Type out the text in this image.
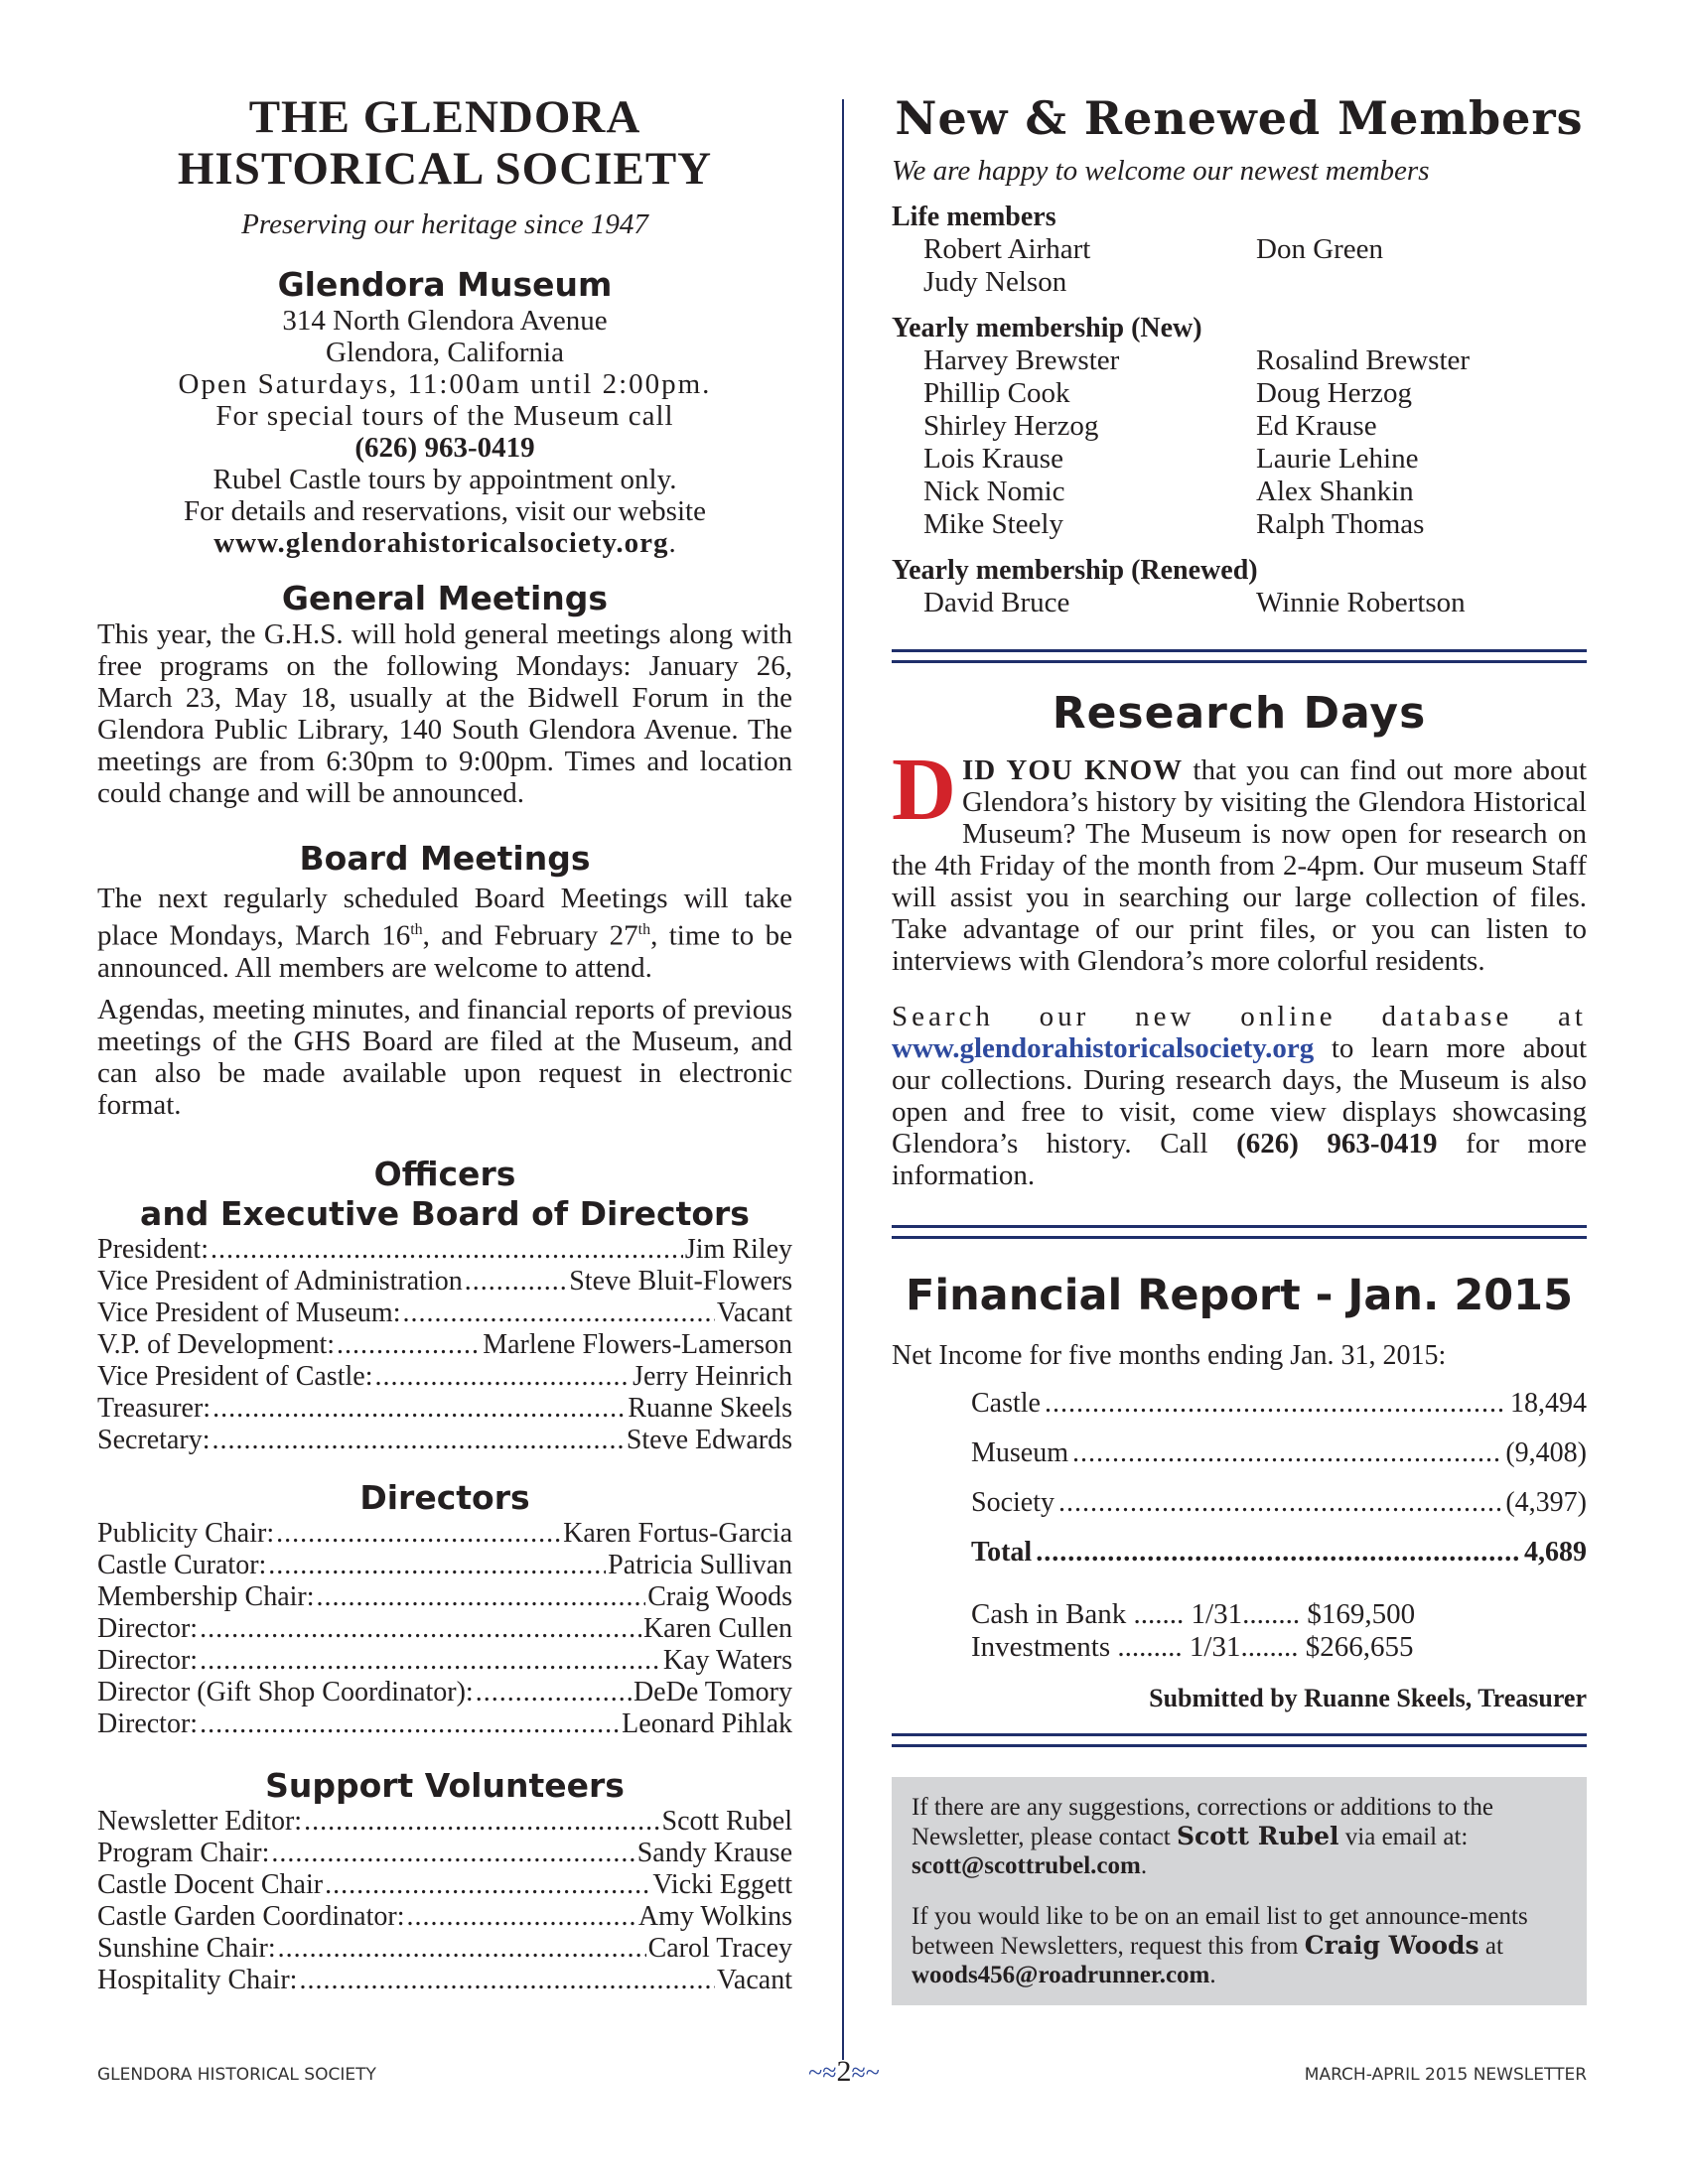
THE GLENDORA
HISTORICAL SOCIETY
Preserving our heritage since 1947
Glendora Museum
314 North Glendora Avenue
Glendora, California
Open Saturdays, 11:00am until 2:00pm.
For special tours of the Museum call
(626) 963-0419
Rubel Castle tours by appointment only.
For details and reservations, visit our website
www.glendorahistoricalsociety.org.
General Meetings
This year, the G.H.S. will hold general meetings along with free programs on the following Mondays: January 26, March 23, May 18, usually at the Bidwell Forum in the Glendora Public Library, 140 South Glendora Avenue. The meetings are from 6:30pm to 9:00pm. Times and location could change and will be announced.
Board Meetings
The next regularly scheduled Board Meetings will take place Mondays, March 16th, and February 27th, time to be announced. All members are welcome to attend.
Agendas, meeting minutes, and financial reports of previous meetings of the GHS Board are filed at the Museum, and can also be made available upon request in electronic format.
Officers
and Executive Board of Directors
President: .....	Jim Riley
Vice President of Administration .....	Steve Bluit-Flowers
Vice President of Museum: .....	Vacant
V.P. of Development: .....	Marlene Flowers-Lamerson
Vice President of Castle: .....	Jerry Heinrich
Treasurer: .....	Ruanne Skeels
Secretary: .....	Steve Edwards
Directors
Publicity Chair: .....	Karen Fortus-Garcia
Castle Curator: .....	Patricia Sullivan
Membership Chair: .....	Craig Woods
Director: .....	Karen Cullen
Director: .....	Kay Waters
Director (Gift Shop Coordinator): .....	DeDe Tomory
Director: .....	Leonard Pihlak
Support Volunteers
Newsletter Editor: .....	Scott Rubel
Program Chair: .....	Sandy Krause
Castle Docent Chair .....	Vicki Eggett
Castle Garden Coordinator: .....	Amy Wolkins
Sunshine Chair: .....	Carol Tracey
Hospitality Chair: .....	Vacant
New & Renewed Members
We are happy to welcome our newest members
Life members
Robert Airhart	Don Green
Judy Nelson
Yearly membership (New)
Harvey Brewster	Rosalind Brewster
Phillip Cook	Doug Herzog
Shirley Herzog	Ed Krause
Lois Krause	Laurie Lehine
Nick Nomic	Alex Shankin
Mike Steely	Ralph Thomas
Yearly membership (Renewed)
David Bruce	Winnie Robertson
Research Days
DID YOU KNOW that you can find out more about Glendora’s history by visiting the Glendora Historical Museum? The Museum is now open for research on the 4th Friday of the month from 2-4pm. Our museum Staff will assist you in searching our large collection of files. Take advantage of our print files, or you can listen to interviews with Glendora’s more colorful residents.
Search our new online database at www.glendorahistoricalsociety.org to learn more about our collections. During research days, the Museum is also open and free to visit, come view displays showcasing Glendora’s history. Call (626) 963-0419 for more information.
Financial Report - Jan. 2015
Net Income for five months ending Jan. 31, 2015:
Castle .....	18,494
Museum .....	(9,408)
Society .....	(4,397)
Total .....	4,689
Cash in Bank ....... 1/31........ $169,500
Investments ......... 1/31........ $266,655
Submitted by Ruanne Skeels, Treasurer

If there are any suggestions, corrections or additions to the Newsletter, please contact Scott Rubel via email at: scott@scottrubel.com.

If you would like to be on an email list to get announce-ments between Newsletters, request this from Craig Woods at woods456@roadrunner.com.

GLENDORA HISTORICAL SOCIETY	~≈2≈~	MARCH-APRIL 2015 NEWSLETTER
